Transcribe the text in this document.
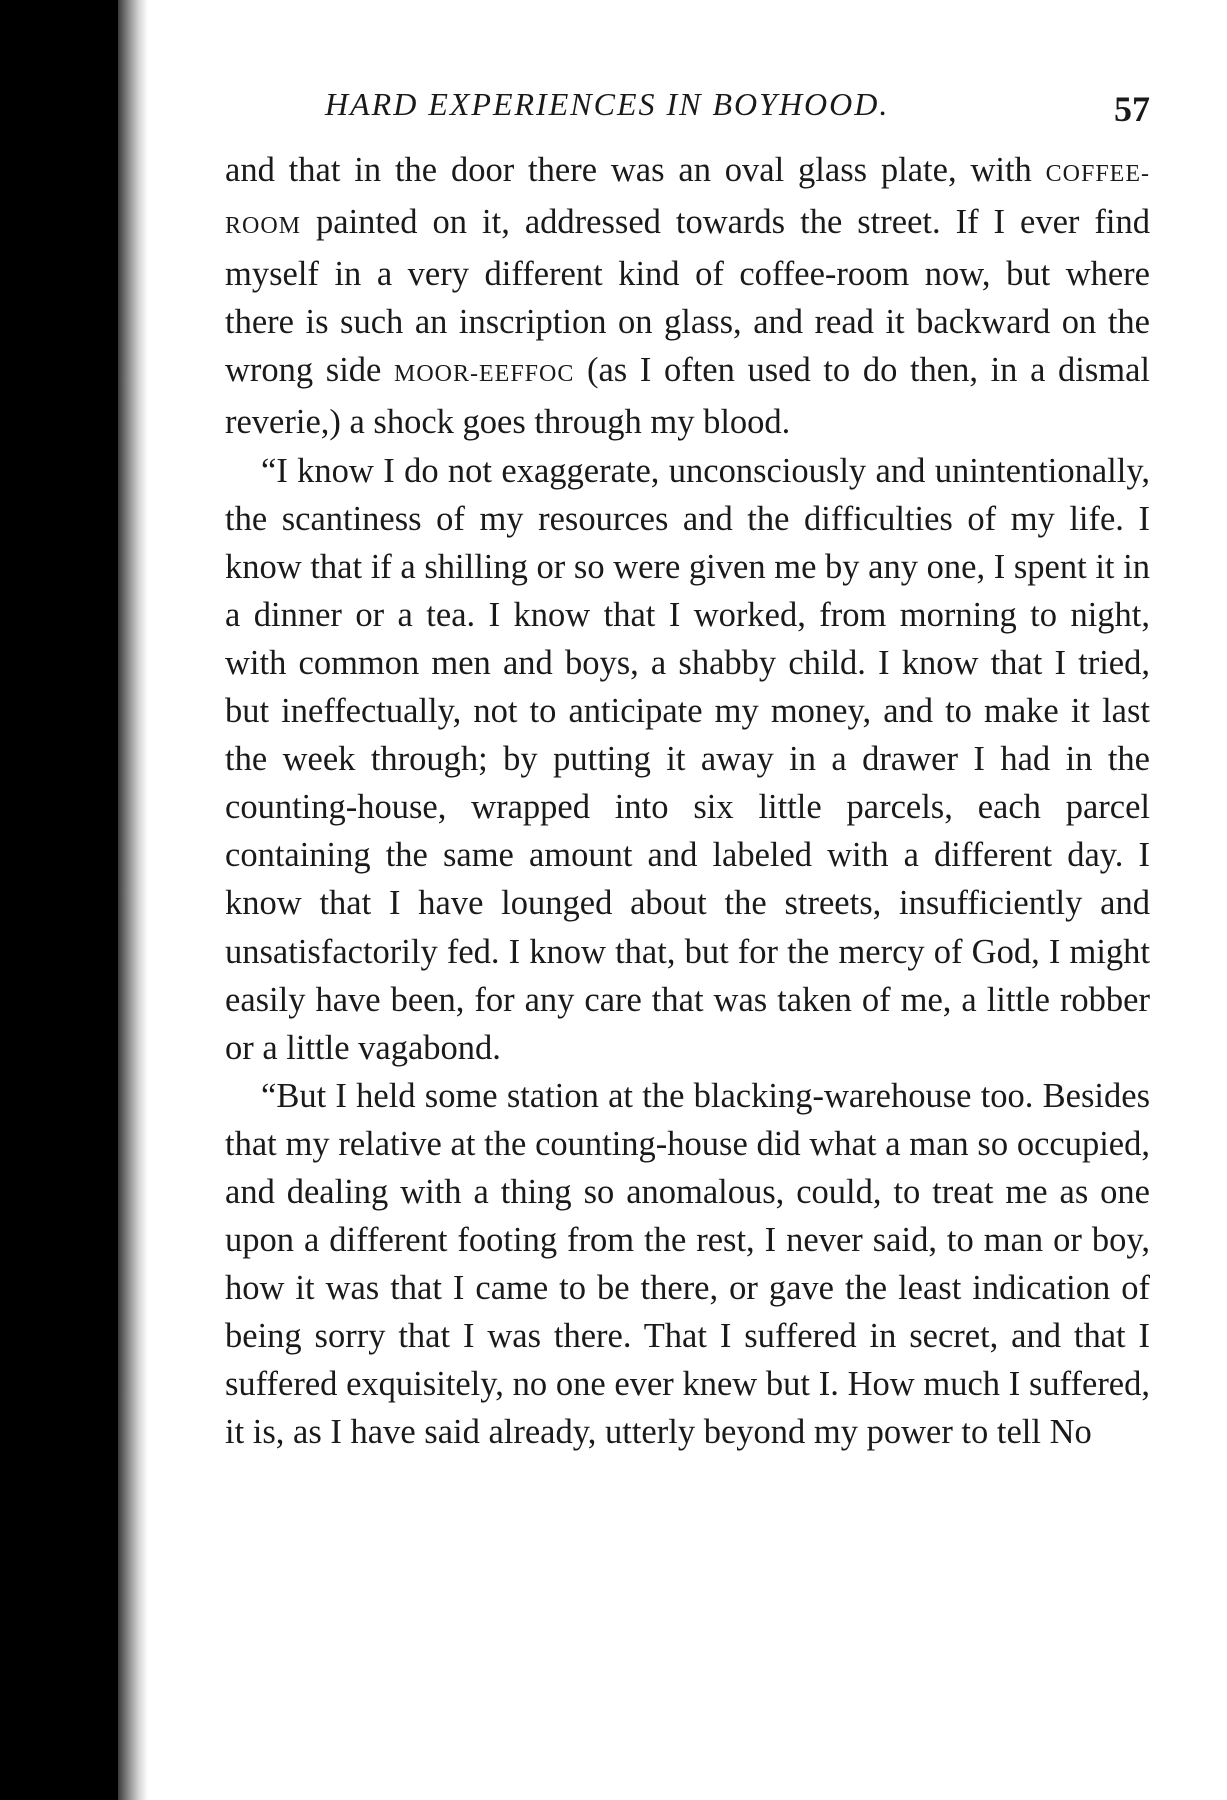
HARD EXPERIENCES IN BOYHOOD.	57

and that in the door there was an oval glass plate, with COFFEE-ROOM painted on it, addressed towards the street. If I ever find myself in a very different kind of coffee-room now, but where there is such an inscription on glass, and read it backward on the wrong side MOOR-EEFFOC (as I often used to do then, in a dismal reverie,) a shock goes through my blood.

“I know I do not exaggerate, unconsciously and unintentionally, the scantiness of my resources and the difficulties of my life. I know that if a shilling or so were given me by any one, I spent it in a dinner or a tea. I know that I worked, from morning to night, with common men and boys, a shabby child. I know that I tried, but ineffectually, not to anticipate my money, and to make it last the week through; by putting it away in a drawer I had in the counting-house, wrapped into six little parcels, each parcel containing the same amount and labeled with a different day. I know that I have lounged about the streets, insufficiently and unsatisfactorily fed. I know that, but for the mercy of God, I might easily have been, for any care that was taken of me, a little robber or a little vagabond.

“But I held some station at the blacking-warehouse too. Besides that my relative at the counting-house did what a man so occupied, and dealing with a thing so anomalous, could, to treat me as one upon a different footing from the rest, I never said, to man or boy, how it was that I came to be there, or gave the least indication of being sorry that I was there. That I suffered in secret, and that I suffered exquisitely, no one ever knew but I. How much I suffered, it is, as I have said already, utterly beyond my power to tell No
